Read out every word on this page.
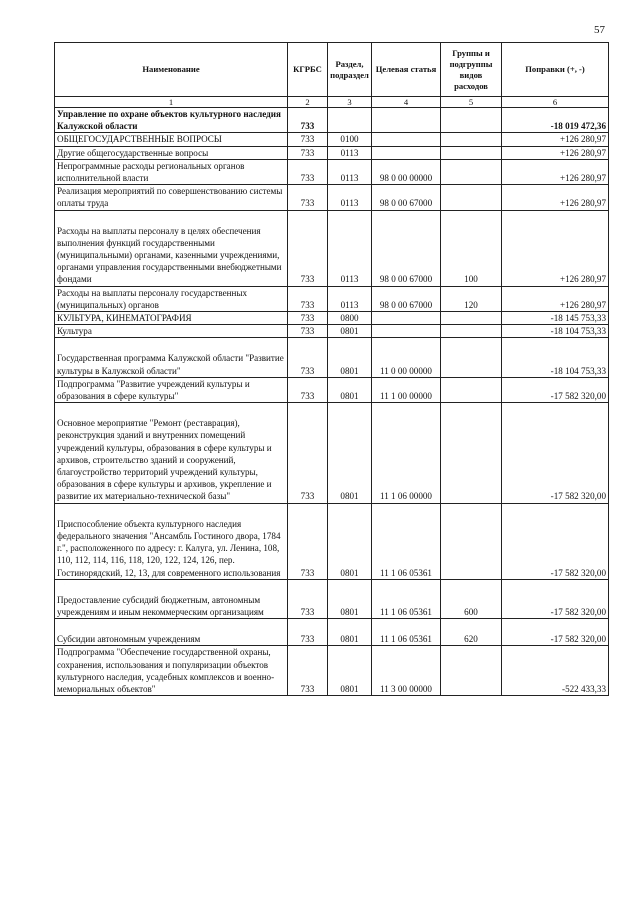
57
Наименование	КГРБС	Раздел, подраздел	Целевая статья	Группы и подгруппы видов расходов	Поправки (+, -)
1	2	3	4	5	6
Управление по охране объектов культурного наследия Калужской области	733				-18 019 472,36
ОБЩЕГОСУДАРСТВЕННЫЕ ВОПРОСЫ	733	0100			+126 280,97
Другие общегосударственные вопросы	733	0113			+126 280,97
Непрограммные расходы региональных органов исполнительной власти	733	0113	98 0 00 00000		+126 280,97
Реализация мероприятий по совершенствованию системы оплаты труда	733	0113	98 0 00 67000		+126 280,97
Расходы на выплаты персоналу в целях обеспечения выполнения функций государственными (муниципальными) органами, казенными учреждениями, органами управления государственными внебюджетными фондами	733	0113	98 0 00 67000	100	+126 280,97
Расходы на выплаты персоналу государственных (муниципальных) органов	733	0113	98 0 00 67000	120	+126 280,97
КУЛЬТУРА, КИНЕМАТОГРАФИЯ	733	0800			-18 145 753,33
Культура	733	0801			-18 104 753,33
Государственная программа Калужской области "Развитие культуры в Калужской области"	733	0801	11 0 00 00000		-18 104 753,33
Подпрограмма "Развитие учреждений культуры и образования в сфере культуры"	733	0801	11 1 00 00000		-17 582 320,00
Основное мероприятие "Ремонт (реставрация), реконструкция зданий и внутренних помещений учреждений культуры, образования в сфере культуры и архивов, строительство зданий и сооружений, благоустройство территорий учреждений культуры, образования в сфере культуры и архивов, укрепление и развитие их материально-технической базы"	733	0801	11 1 06 00000		-17 582 320,00
Приспособление объекта культурного наследия федерального значения "Ансамбль Гостиного двора, 1784 г.", расположенного по адресу: г. Калуга, ул. Ленина, 108, 110, 112, 114, 116, 118, 120, 122, 124, 126, пер. Гостинорядский, 12, 13, для современного использования	733	0801	11 1 06 05361		-17 582 320,00
Предоставление субсидий бюджетным, автономным учреждениям и иным некоммерческим организациям	733	0801	11 1 06 05361	600	-17 582 320,00
Субсидии автономным учреждениям	733	0801	11 1 06 05361	620	-17 582 320,00
Подпрограмма "Обеспечение государственной охраны, сохранения, использования и популяризации объектов культурного наследия, усадебных комплексов и военно-мемориальных объектов"	733	0801	11 3 00 00000		-522 433,33
